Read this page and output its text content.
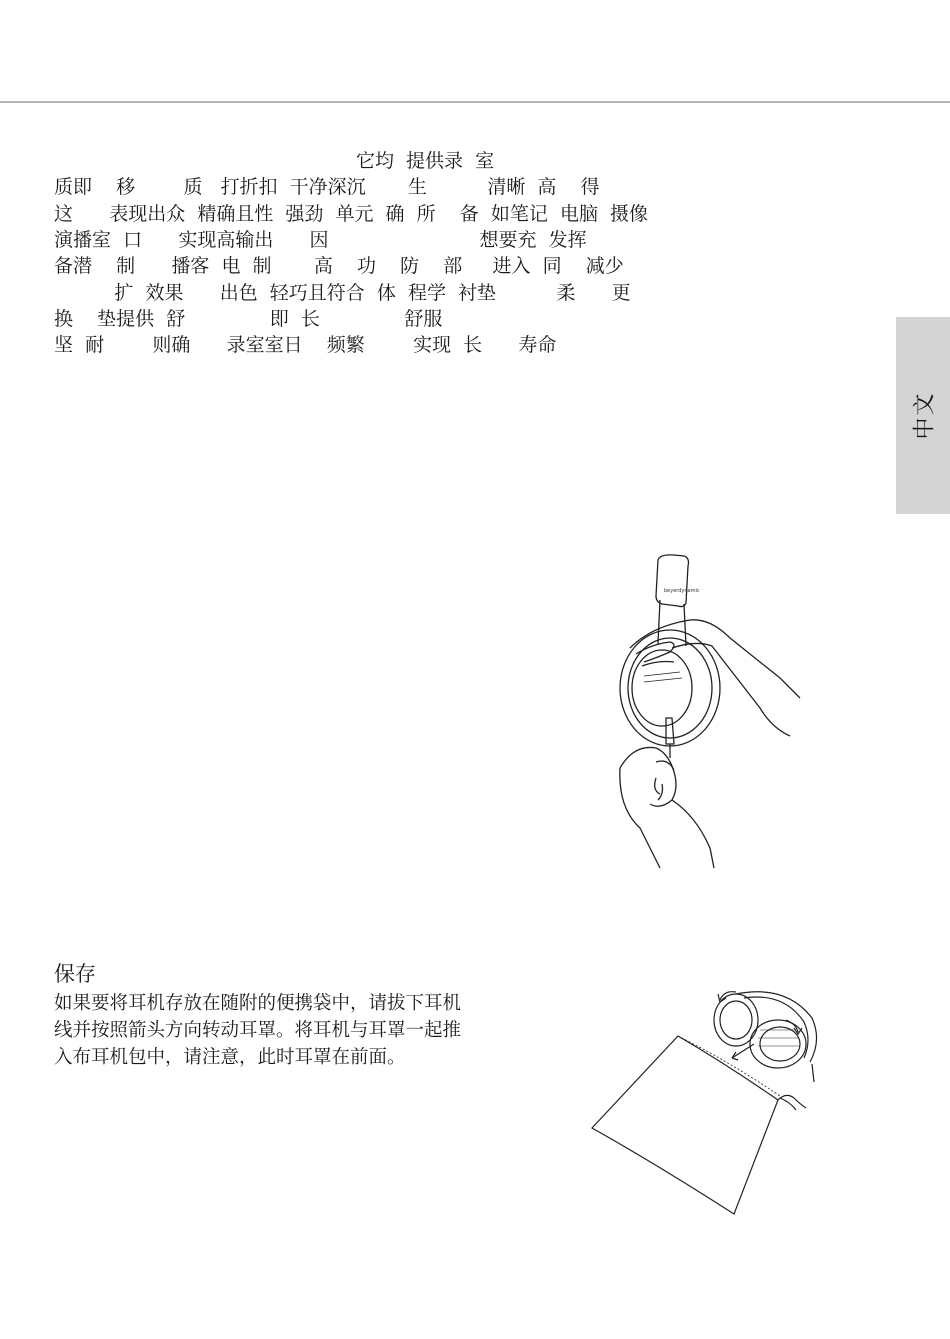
中文
它均  提供录  室
质即    移        质   打折扣  干净深沉       生          清晰  高    得
这      表现出众  精确且性  强劲  单元  确  所    备  如笔记  电脑  摄像
演播室  口      实现高输出      因                         想要充  发挥
备潜    制      播客  电  制       高    功    防    部     进入  同    减少
扩  效果      出色  轻巧且符合  体  程学  衬垫          柔      更
换    垫提供  舒              即  长              舒服
坚  耐        则确      录室室日    频繁        实现  长      寿命
beyerdynamic
保存
如果要将耳机存放在随附的便携袋中，请拔下耳机
线并按照箭头方向转动耳罩。将耳机与耳罩一起推
入布耳机包中，请注意，此时耳罩在前面。
